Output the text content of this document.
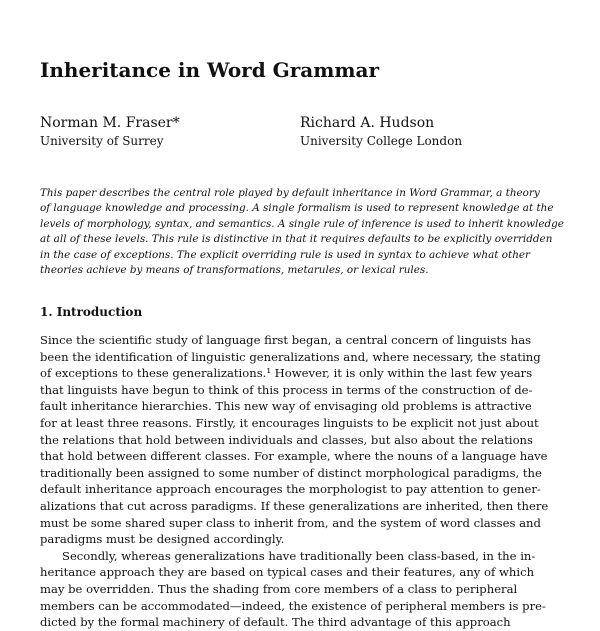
Inheritance in Word Grammar
Norman M. Fraser*
University of Surrey
Richard A. Hudson
University College London
This paper describes the central role played by default inheritance in Word Grammar, a theory
of language knowledge and processing. A single formalism is used to represent knowledge at the
levels of morphology, syntax, and semantics. A single rule of inference is used to inherit knowledge
at all of these levels. This rule is distinctive in that it requires defaults to be explicitly overridden
in the case of exceptions. The explicit overriding rule is used in syntax to achieve what other
theories achieve by means of transformations, metarules, or lexical rules.
1. Introduction
Since the scientific study of language first began, a central concern of linguists has
been the identification of linguistic generalizations and, where necessary, the stating
of exceptions to these generalizations.¹ However, it is only within the last few years
that linguists have begun to think of this process in terms of the construction of de-
fault inheritance hierarchies. This new way of envisaging old problems is attractive
for at least three reasons. Firstly, it encourages linguists to be explicit not just about
the relations that hold between individuals and classes, but also about the relations
that hold between different classes. For example, where the nouns of a language have
traditionally been assigned to some number of distinct morphological paradigms, the
default inheritance approach encourages the morphologist to pay attention to gener-
alizations that cut across paradigms. If these generalizations are inherited, then there
must be some shared super class to inherit from, and the system of word classes and
paradigms must be designed accordingly.
Secondly, whereas generalizations have traditionally been class-based, in the in-
heritance approach they are based on typical cases and their features, any of which
may be overridden. Thus the shading from core members of a class to peripheral
members can be accommodated—indeed, the existence of peripheral members is pre-
dicted by the formal machinery of default. The third advantage of this approach
